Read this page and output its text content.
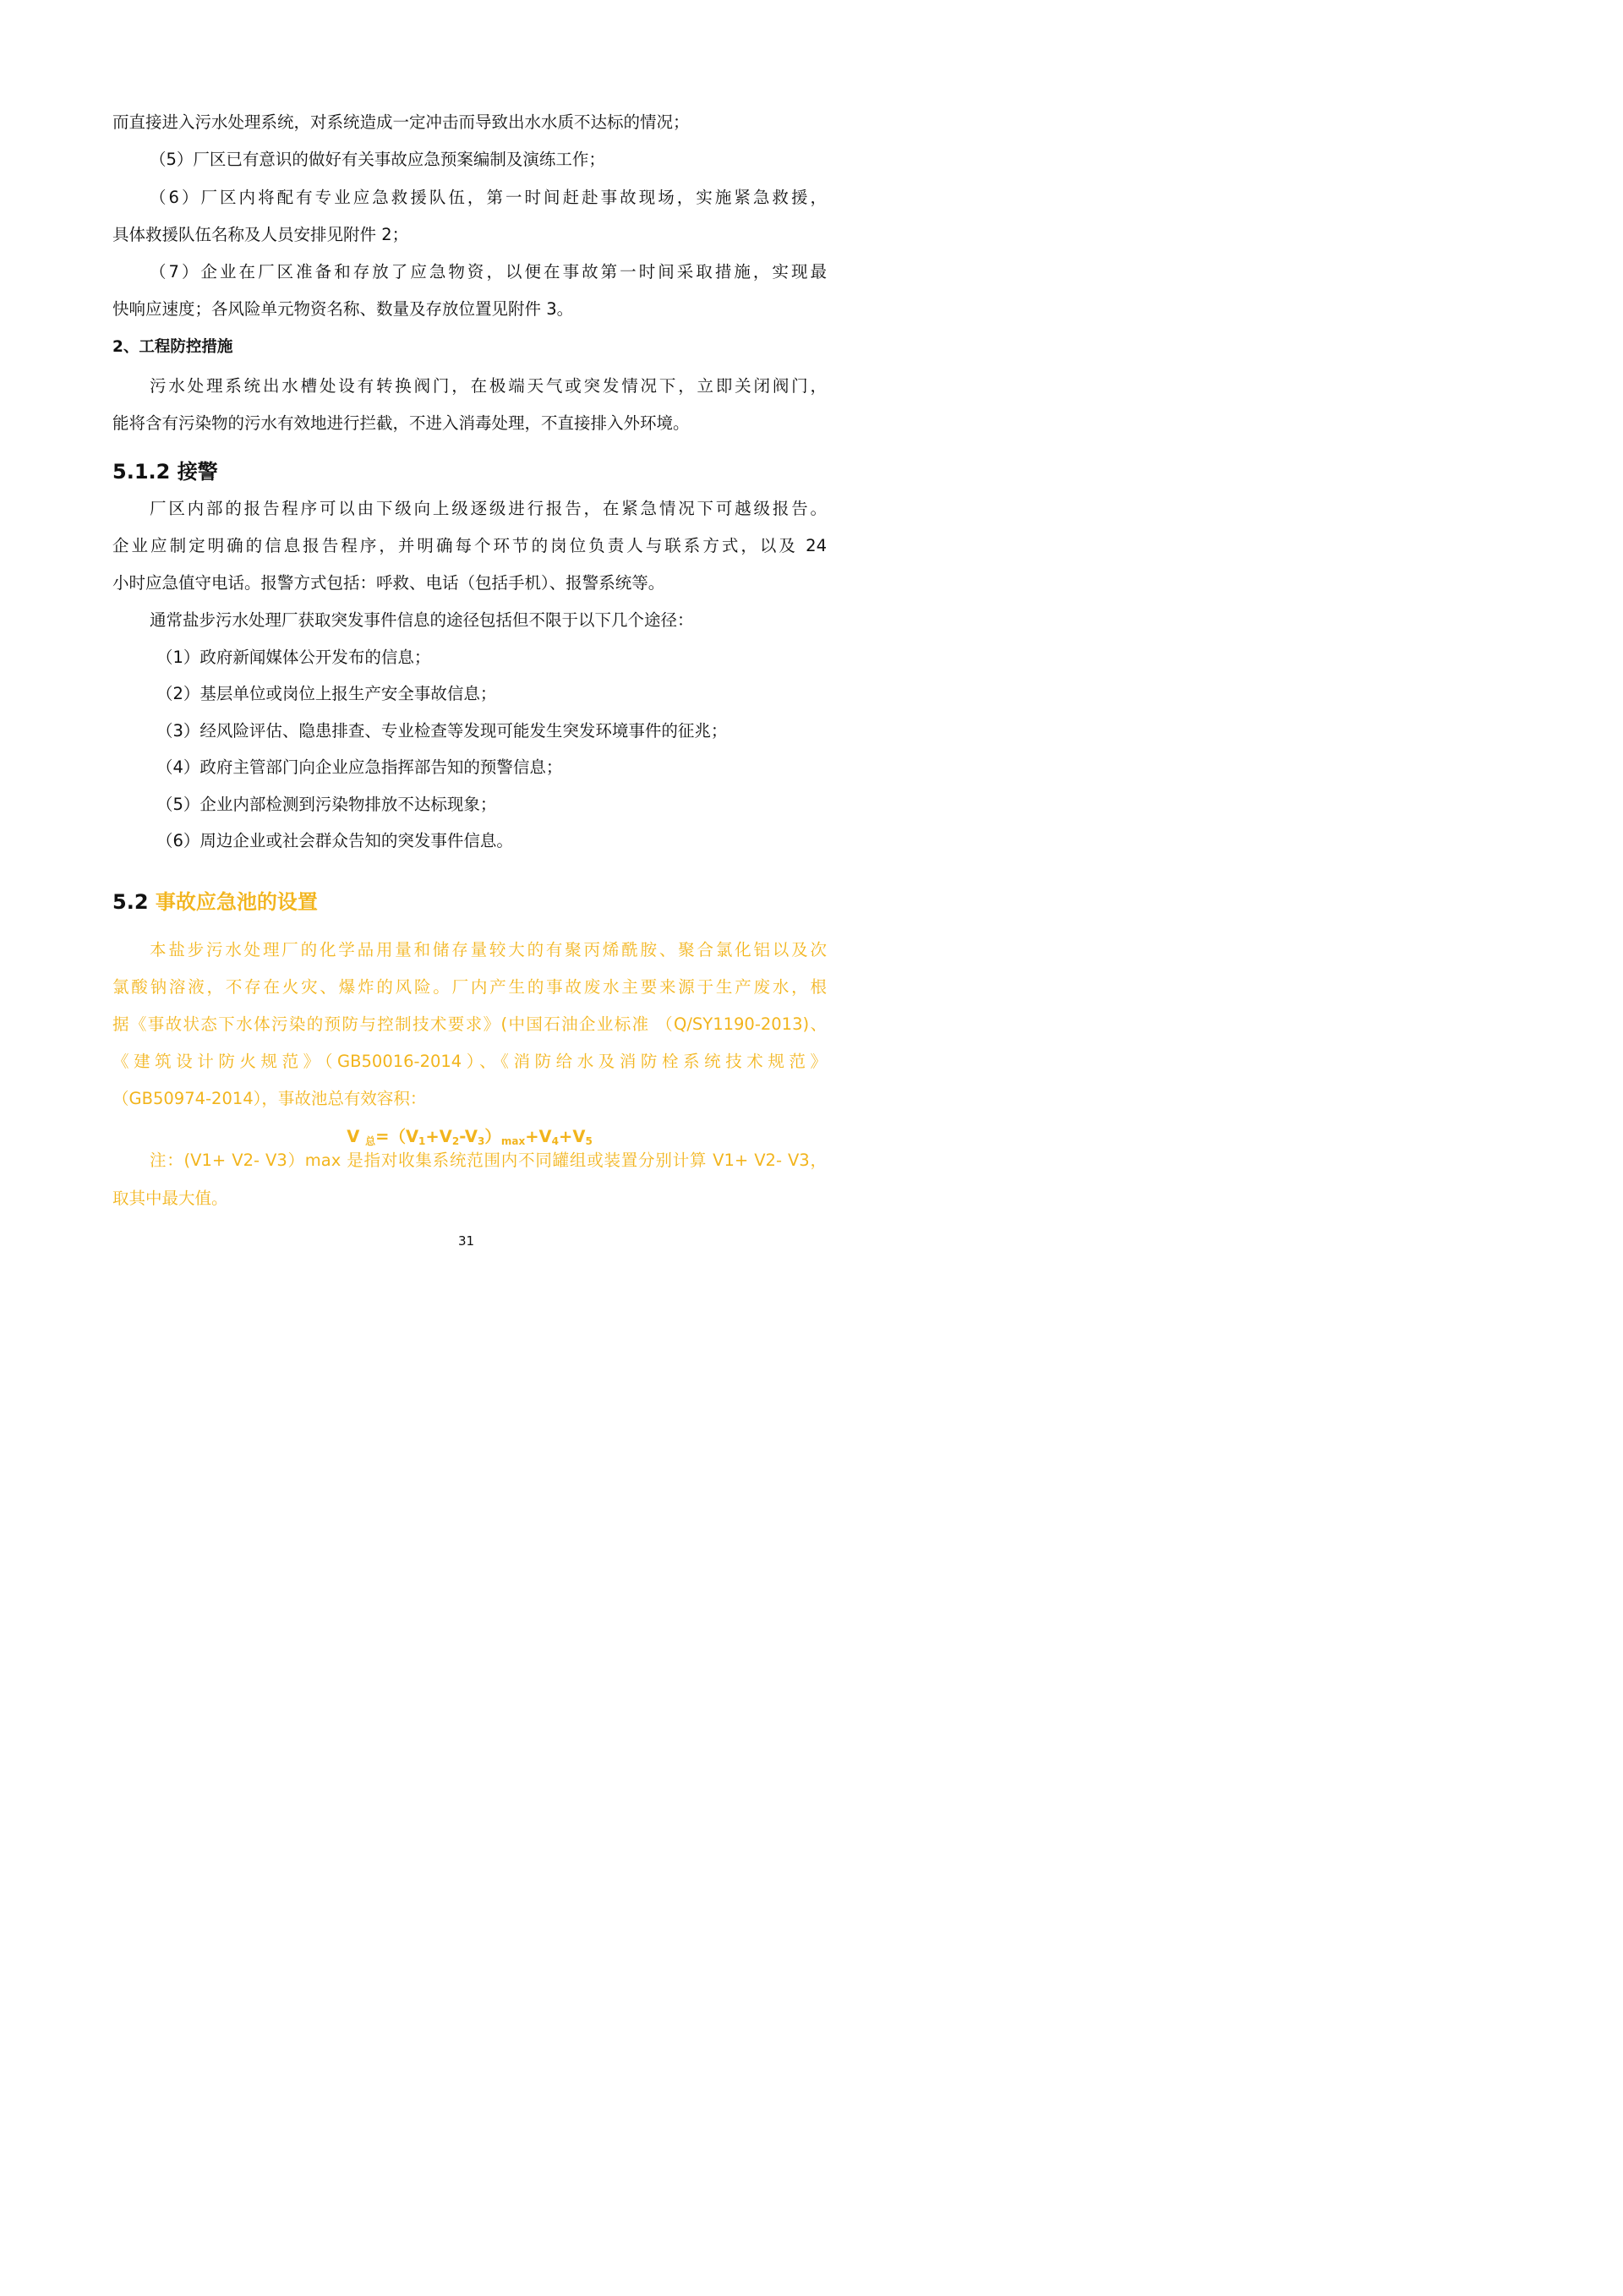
而直接进入污水处理系统，对系统造成一定冲击而导致出水水质不达标的情况；
（5）厂区已有意识的做好有关事故应急预案编制及演练工作；
（6）厂区内将配有专业应急救援队伍，第一时间赶赴事故现场，实施紧急救援，
具体救援队伍名称及人员安排见附件 2；
（7）企业在厂区准备和存放了应急物资，以便在事故第一时间采取措施，实现最
快响应速度；各风险单元物资名称、数量及存放位置见附件 3。
2、工程防控措施
污水处理系统出水槽处设有转换阀门，在极端天气或突发情况下，立即关闭阀门，
能将含有污染物的污水有效地进行拦截，不进入消毒处理，不直接排入外环境。
5.1.2 接警
厂区内部的报告程序可以由下级向上级逐级进行报告，在紧急情况下可越级报告。
企业应制定明确的信息报告程序，并明确每个环节的岗位负责人与联系方式，以及 24
小时应急值守电话。报警方式包括：呼救、电话（包括手机）、报警系统等。
通常盐步污水处理厂获取突发事件信息的途径包括但不限于以下几个途径：
（1）政府新闻媒体公开发布的信息；
（2）基层单位或岗位上报生产安全事故信息；
（3）经风险评估、隐患排查、专业检查等发现可能发生突发环境事件的征兆；
（4）政府主管部门向企业应急指挥部告知的预警信息；
（5）企业内部检测到污染物排放不达标现象；
（6）周边企业或社会群众告知的突发事件信息。
5.2 事故应急池的设置
本盐步污水处理厂的化学品用量和储存量较大的有聚丙烯酰胺、聚合氯化铝以及次
氯酸钠溶液，不存在火灾、爆炸的风险。厂内产生的事故废水主要来源于生产废水，根
据《事故状态下水体污染的预防与控制技术要求》(中国石油企业标准 （Q/SY1190-2013)、
《建筑设计防火规范》（GB50016-2014）、《消防给水及消防栓系统技术规范》
（GB50974-2014），事故池总有效容积：
V $_总=(V_1+V_2-V_3)_{max}+V_4+V_5$
注：(V1+ V2- V3）max 是指对收集系统范围内不同罐组或装置分别计算 V1+ V2- V3，
取其中最大值。
31
